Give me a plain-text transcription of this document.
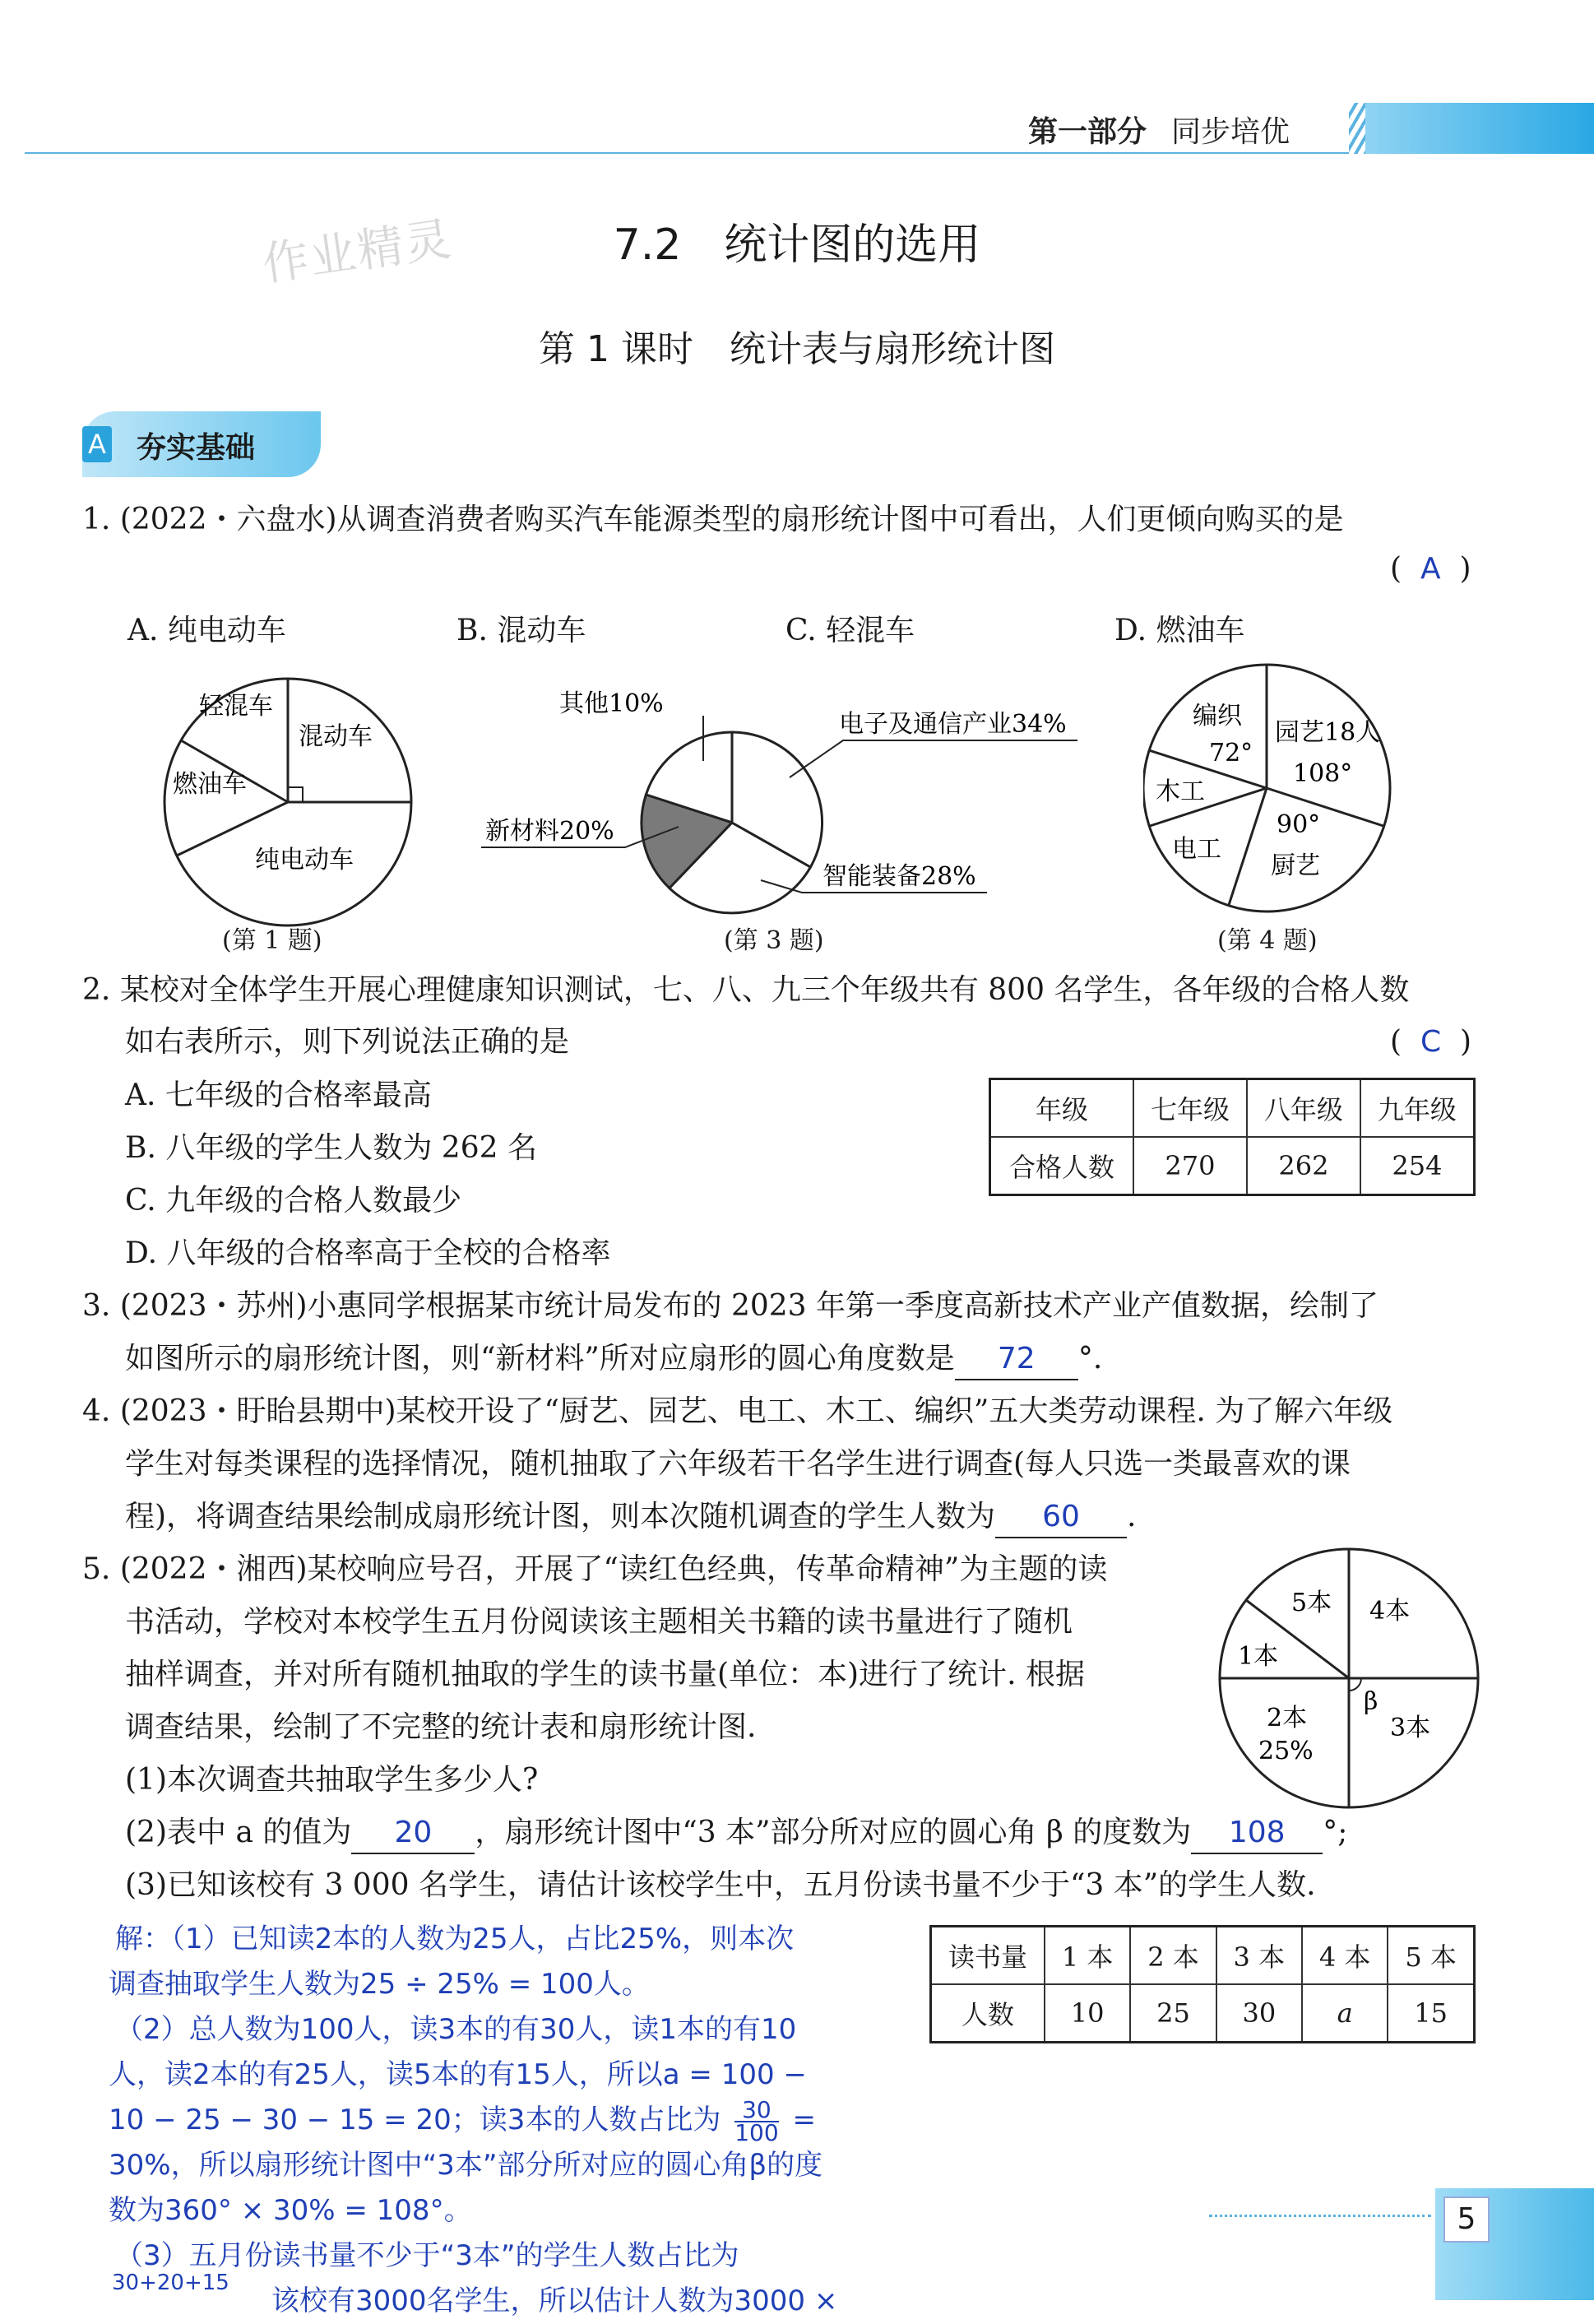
第一部分 同步培优
作业精灵	7.2　统计图的选用
第 1 课时　统计表与扇形统计图
A 夯实基础
1. (2022・六盘水)从调查消费者购买汽车能源类型的扇形统计图中可看出，人们更倾向购买的是
(  A  )
A. 纯电动车	B. 混动车	C. 轻混车	D. 燃油车
轻混车
混动车
燃油车
纯电动车
(第 1 题)
其他10%
电子及通信产业34%
新材料20%
智能装备28%
(第 3 题)
编织
72°
园艺18人
108°
木工
90°
电工
厨艺
(第 4 题)
2. 某校对全体学生开展心理健康知识测试，七、八、九三个年级共有 800 名学生，各年级的合格人数
如右表所示，则下列说法正确的是	(  C  )
A. 七年级的合格率最高
B. 八年级的学生人数为 262 名
C. 九年级的合格人数最少
D. 八年级的合格率高于全校的合格率
年级	七年级	八年级	九年级
合格人数	270	262	254
3. (2023・苏州)小惠同学根据某市统计局发布的 2023 年第一季度高新技术产业产值数据，绘制了
如图所示的扇形统计图，则“新材料”所对应扇形的圆心角度数是 72 °.
4. (2023・盱眙县期中)某校开设了“厨艺、园艺、电工、木工、编织”五大类劳动课程. 为了解六年级
学生对每类课程的选择情况，随机抽取了六年级若干名学生进行调查(每人只选一类最喜欢的课
程)，将调查结果绘制成扇形统计图，则本次随机调查的学生人数为 60 .
5. (2022・湘西)某校响应号召，开展了“读红色经典，传革命精神”为主题的读
书活动，学校对本校学生五月份阅读该主题相关书籍的读书量进行了随机
抽样调查，并对所有随机抽取的学生的读书量(单位：本)进行了统计. 根据
调查结果，绘制了不完整的统计表和扇形统计图.
(1)本次调查共抽取学生多少人?
(2)表中 a 的值为 20 ，扇形统计图中“3 本”部分所对应的圆心角 β 的度数为 108 °;
(3)已知该校有 3 000 名学生，请估计该校学生中，五月份读书量不少于“3 本”的学生人数.
5本 4本
1本
β
2本
25%
3本
读书量	1 本	2 本	3 本	4 本	5 本
人数	10	25	30	a	15
解：（1）已知读2本的人数为25人，占比25%，则本次
调查抽取学生人数为25 ÷ 25% = 100人。
（2）总人数为100人，读3本的有30人，读1本的有10
人，读2本的有25人，读5本的有15人，所以a = 100 −
10 − 25 − 30 − 15 = 20；读3本的人数占比为 $\frac{30}{100}$ =
30%，所以扇形统计图中“3本”部分所对应的圆心角β的度
数为360° × 30% = 108°。
（3）五月份读书量不少于“3本”的学生人数占比为
30+20+15
该校有3000名学生，所以估计人数为3000 ×
5
